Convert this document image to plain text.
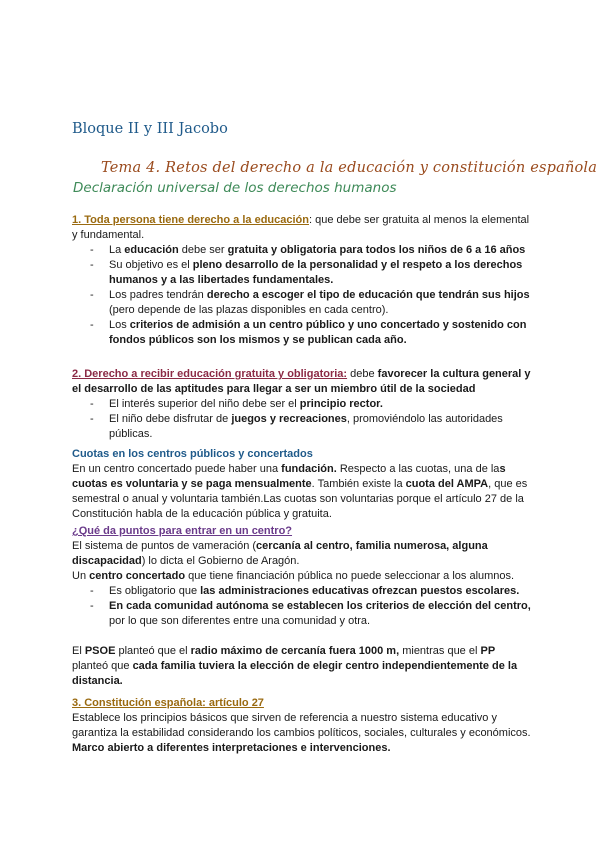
Bloque II y III Jacobo
Tema 4. Retos del derecho a la educación y constitución española
Declaración universal de los derechos humanos

1. Toda persona tiene derecho a la educación: que debe ser gratuita al menos la elemental y fundamental.

- La educación debe ser gratuita y obligatoria para todos los niños de 6 a 16 años
- Su objetivo es el pleno desarrollo de la personalidad y el respeto a los derechos humanos y a las libertades fundamentales.
- Los padres tendrán derecho a escoger el tipo de educación que tendrán sus hijos (pero depende de las plazas disponibles en cada centro).
- Los criterios de admisión a un centro público y uno concertado y sostenido con fondos públicos son los mismos y se publican cada año.

2. Derecho a recibir educación gratuita y obligatoria: debe favorecer la cultura general y el desarrollo de las aptitudes para llegar a ser un miembro útil de la sociedad

- El interés superior del niño debe ser el principio rector.
- El niño debe disfrutar de juegos y recreaciones, promoviéndolo las autoridades públicas.

Cuotas en los centros públicos y concertados

En un centro concertado puede haber una fundación. Respecto a las cuotas, una de las cuotas es voluntaria y se paga mensualmente. También existe la cuota del AMPA, que es semestral o anual y voluntaria también.Las cuotas son voluntarias porque el artículo 27 de la Constitución habla de la educación pública y gratuita.

¿Qué da puntos para entrar en un centro?

El sistema de puntos de vameración (cercanía al centro, familia numerosa, alguna discapacidad) lo dicta el Gobierno de Aragón.

Un centro concertado que tiene financiación pública no puede seleccionar a los alumnos.

- Es obligatorio que las administraciones educativas ofrezcan puestos escolares.
- En cada comunidad autónoma se establecen los criterios de elección del centro, por lo que son diferentes entre una comunidad y otra.

El PSOE planteó que el radio máximo de cercanía fuera 1000 m, mientras que el PP planteó que cada familia tuviera la elección de elegir centro independientemente de la distancia.

3. Constitución española: artículo 27

Establece los principios básicos que sirven de referencia a nuestro sistema educativo y garantiza la estabilidad considerando los cambios políticos, sociales, culturales y económicos. Marco abierto a diferentes interpretaciones e intervenciones.
